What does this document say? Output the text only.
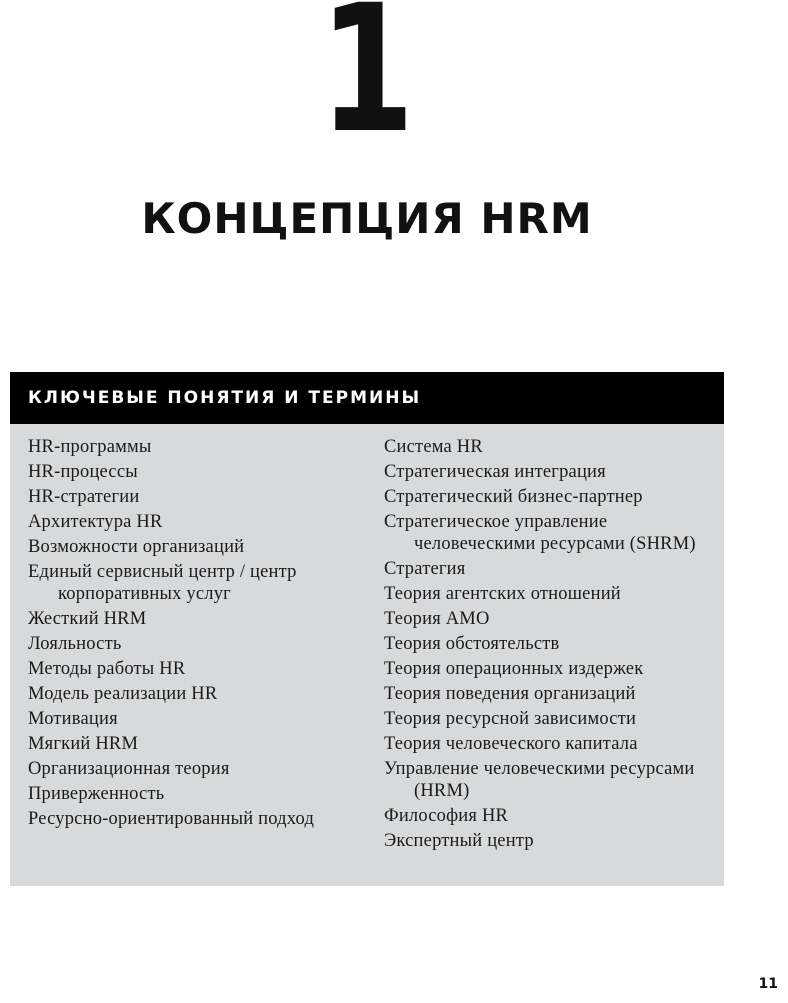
1
КОНЦЕПЦИЯ HRM
КЛЮЧЕВЫЕ ПОНЯТИЯ И ТЕРМИНЫ
HR-программы
HR-процессы
HR-стратегии
Архитектура HR
Возможности организаций
Единый сервисный центр / центр корпоративных услуг
Жесткий HRM
Лояльность
Методы работы HR
Модель реализации HR
Мотивация
Мягкий HRM
Организационная теория
Приверженность
Ресурсно-ориентированный подход
Система HR
Стратегическая интеграция
Стратегический бизнес-партнер
Стратегическое управление человеческими ресурсами (SHRM)
Стратегия
Теория агентских отношений
Теория АМО
Теория обстоятельств
Теория операционных издержек
Теория поведения организаций
Теория ресурсной зависимости
Теория человеческого капитала
Управление человеческими ресурсами (HRM)
Философия HR
Экспертный центр
11
